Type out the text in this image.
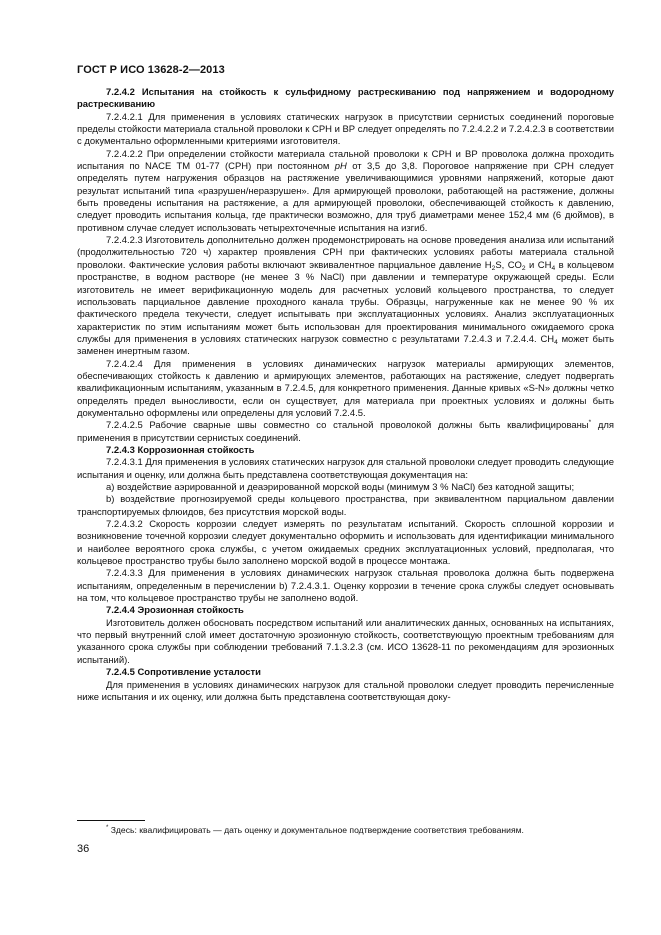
ГОСТ Р ИСО 13628-2—2013

7.2.4.2 Испытания на стойкость к сульфидному растрескиванию под напряжением и водородному растрескиванию

7.2.4.2.1 Для применения в условиях статических нагрузок в присутствии сернистых соединений пороговые пределы стойкости материала стальной проволоки к СРН и ВР следует определять по 7.2.4.2.2 и 7.2.4.2.3 в соответствии с документально оформленными критериями изготовителя.

7.2.4.2.2 При определении стойкости материала стальной проволоки к СРН и ВР проволока должна проходить испытания по NACE TM 01-77 (CPH) при постоянном pH от 3,5 до 3,8. Пороговое напряжение при СРН следует определять путем нагружения образцов на растяжение увеличивающимися уровнями напряжений, которые дают результат испытаний типа «разрушен/неразрушен». Для армирующей проволоки, работающей на растяжение, должны быть проведены испытания на растяжение, а для армирующей проволоки, обеспечивающей стойкость к давлению, следует проводить испытания кольца, где практически возможно, для труб диаметрами менее 152,4 мм (6 дюймов), в противном случае следует использовать четырехточечные испытания на изгиб.

7.2.4.2.3 Изготовитель дополнительно должен продемонстрировать на основе проведения анализа или испытаний (продолжительностью 720 ч) характер проявления СРН при фактических условиях работы материала стальной проволоки. Фактические условия работы включают эквивалентное парциальное давление $H_2S$, $CO_2$ и $CH_4$ в кольцевом пространстве, в водном растворе (не менее 3 % NaCl) при давлении и температуре окружающей среды. Если изготовитель не имеет верификационную модель для расчетных условий кольцевого пространства, то следует использовать парциальное давление проходного канала трубы. Образцы, нагруженные как не менее 90 % их фактического предела текучести, следует испытывать при эксплуатационных условиях. Анализ эксплуатационных характеристик по этим испытаниям может быть использован для проектирования минимального ожидаемого срока службы для применения в условиях статических нагрузок совместно с результатами 7.2.4.3 и 7.2.4.4. $CH_4$ может быть заменен инертным газом.

7.2.4.2.4 Для применения в условиях динамических нагрузок материалы армирующих элементов, обеспечивающих стойкость к давлению и армирующих элементов, работающих на растяжение, следует подвергать квалификационным испытаниям, указанным в 7.2.4.5, для конкретного применения. Данные кривых «S-N» должны четко определять предел выносливости, если он существует, для материала при проектных условиях и должны быть документально оформлены или определены для условий 7.2.4.5.

7.2.4.2.5 Рабочие сварные швы совместно со стальной проволокой должны быть квалифицированы* для применения в присутствии сернистых соединений.

7.2.4.3 Коррозионная стойкость

7.2.4.3.1 Для применения в условиях статических нагрузок для стальной проволоки следует проводить следующие испытания и оценку, или должна быть представлена соответствующая документация на:

a) воздействие аэрированной и деаэрированной морской воды (минимум 3 % NaCl) без катодной защиты;

b) воздействие прогнозируемой среды кольцевого пространства, при эквивалентном парциальном давлении транспортируемых флюидов, без присутствия морской воды.

7.2.4.3.2 Скорость коррозии следует измерять по результатам испытаний. Скорость сплошной коррозии и возникновение точечной коррозии следует документально оформить и использовать для идентификации минимального и наиболее вероятного срока службы, с учетом ожидаемых средних эксплуатационных условий, предполагая, что кольцевое пространство трубы было заполнено морской водой в процессе монтажа.

7.2.4.3.3 Для применения в условиях динамических нагрузок стальная проволока должна быть подвержена испытаниям, определенным в перечислении b) 7.2.4.3.1. Оценку коррозии в течение срока службы следует основывать на том, что кольцевое пространство трубы не заполнено водой.

7.2.4.4 Эрозионная стойкость

Изготовитель должен обосновать посредством испытаний или аналитических данных, основанных на испытаниях, что первый внутренний слой имеет достаточную эрозионную стойкость, соответствующую проектным требованиям для указанного срока службы при соблюдении требований 7.1.3.2.3 (см. ИСО 13628-11 по рекомендациям для эрозионных испытаний).

7.2.4.5 Сопротивление усталости

Для применения в условиях динамических нагрузок для стальной проволоки следует проводить перечисленные ниже испытания и их оценку, или должна быть представлена соответствующая доку-

* Здесь: квалифицировать — дать оценку и документальное подтверждение соответствия требованиям.
36
